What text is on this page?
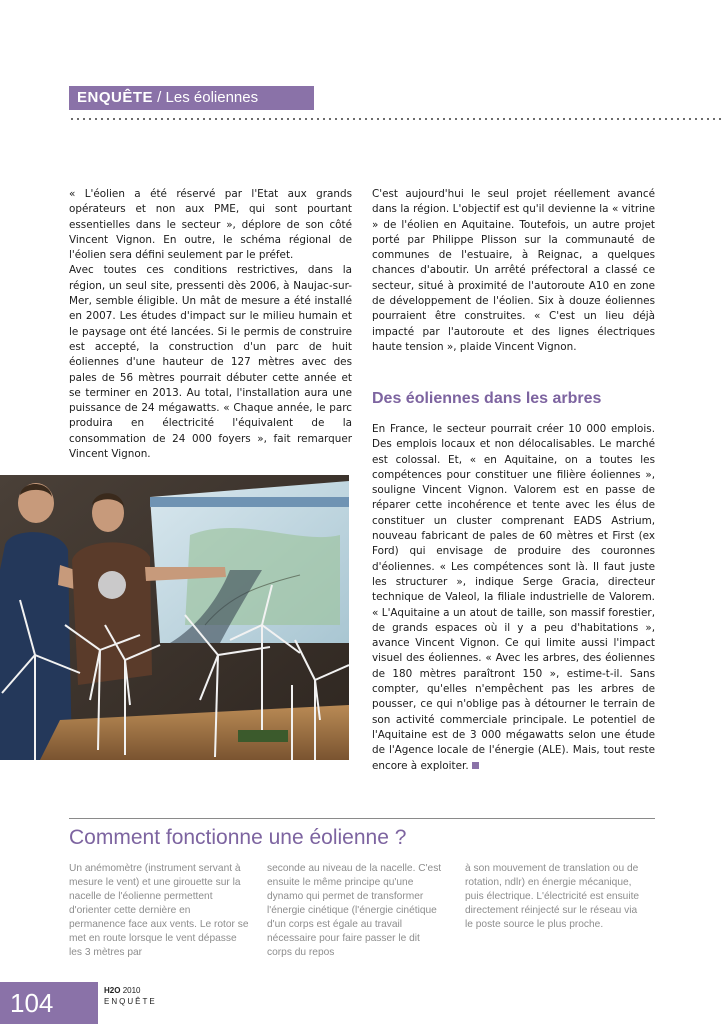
ENQUÊTE / Les éoliennes

« L'éolien a été réservé par l'Etat aux grands opérateurs et non aux PME, qui sont pourtant essentielles dans le secteur », déplore de son côté Vincent Vignon. En outre, le schéma régional de l'éolien sera défini seulement par le préfet.

Avec toutes ces conditions restrictives, dans la région, un seul site, pressenti dès 2006, à Naujac-sur-Mer, semble éligible. Un mât de mesure a été installé en 2007. Les études d'impact sur le milieu humain et le paysage ont été lancées. Si le permis de construire est accepté, la construction d'un parc de huit éoliennes d'une hauteur de 127 mètres avec des pales de 56 mètres pourrait débuter cette année et se terminer en 2013. Au total, l'installation aura une puissance de 24 mégawatts. « Chaque année, le parc produira en électricité l'équivalent de la consommation de 24 000 foyers », fait remarquer Vincent Vignon.

C'est aujourd'hui le seul projet réellement avancé dans la région. L'objectif est qu'il devienne la « vitrine » de l'éolien en Aquitaine. Toutefois, un autre projet porté par Philippe Plisson sur la communauté de communes de l'estuaire, à Reignac, a quelques chances d'aboutir. Un arrêté préfectoral a classé ce secteur, situé à proximité de l'autoroute A10 en zone de développement de l'éolien. Six à douze éoliennes pourraient être construites. « C'est un lieu déjà impacté par l'autoroute et des lignes électriques haute tension », plaide Vincent Vignon.

Des éoliennes dans les arbres

En France, le secteur pourrait créer 10 000 emplois. Des emplois locaux et non délocalisables. Le marché est colossal. Et, « en Aquitaine, on a toutes les compétences pour constituer une filière éoliennes », souligne Vincent Vignon. Valorem est en passe de réparer cette incohérence et tente avec les élus de constituer un cluster comprenant EADS Astrium, nouveau fabricant de pales de 60 mètres et First (ex Ford) qui envisage de produire des couronnes d'éoliennes. « Les compétences sont là. Il faut juste les structurer », indique Serge Gracia, directeur technique de Valeol, la filiale industrielle de Valorem. « L'Aquitaine a un atout de taille, son massif forestier, de grands espaces où il y a peu d'habitations », avance Vincent Vignon. Ce qui limite aussi l'impact visuel des éoliennes. « Avec les arbres, des éoliennes de 180 mètres paraîtront 150 », estime-t-il. Sans compter, qu'elles n'empêchent pas les arbres de pousser, ce qui n'oblige pas à détourner le terrain de son activité commerciale principale. Le potentiel de l'Aquitaine est de 3 000 mégawatts selon une étude de l'Agence locale de l'énergie (ALE). Mais, tout reste encore à exploiter.

Comment fonctionne une éolienne ?
Un anémomètre (instrument servant à mesure le vent) et une girouette sur la nacelle de l'éolienne permettent d'orienter cette dernière en permanence face aux vents. Le rotor se met en route lorsque le vent dépasse les 3 mètres par
seconde au niveau de la nacelle. C'est ensuite le même principe qu'une dynamo qui permet de transformer l'énergie cinétique (l'énergie cinétique d'un corps est égale au travail nécessaire pour faire passer le dit corps du repos
à son mouvement de translation ou de rotation, ndlr) en énergie mécanique, puis électrique. L'électricité est ensuite directement réinjecté sur le réseau via le poste source le plus proche.
104	H2O 2010
ENQUÊTE
